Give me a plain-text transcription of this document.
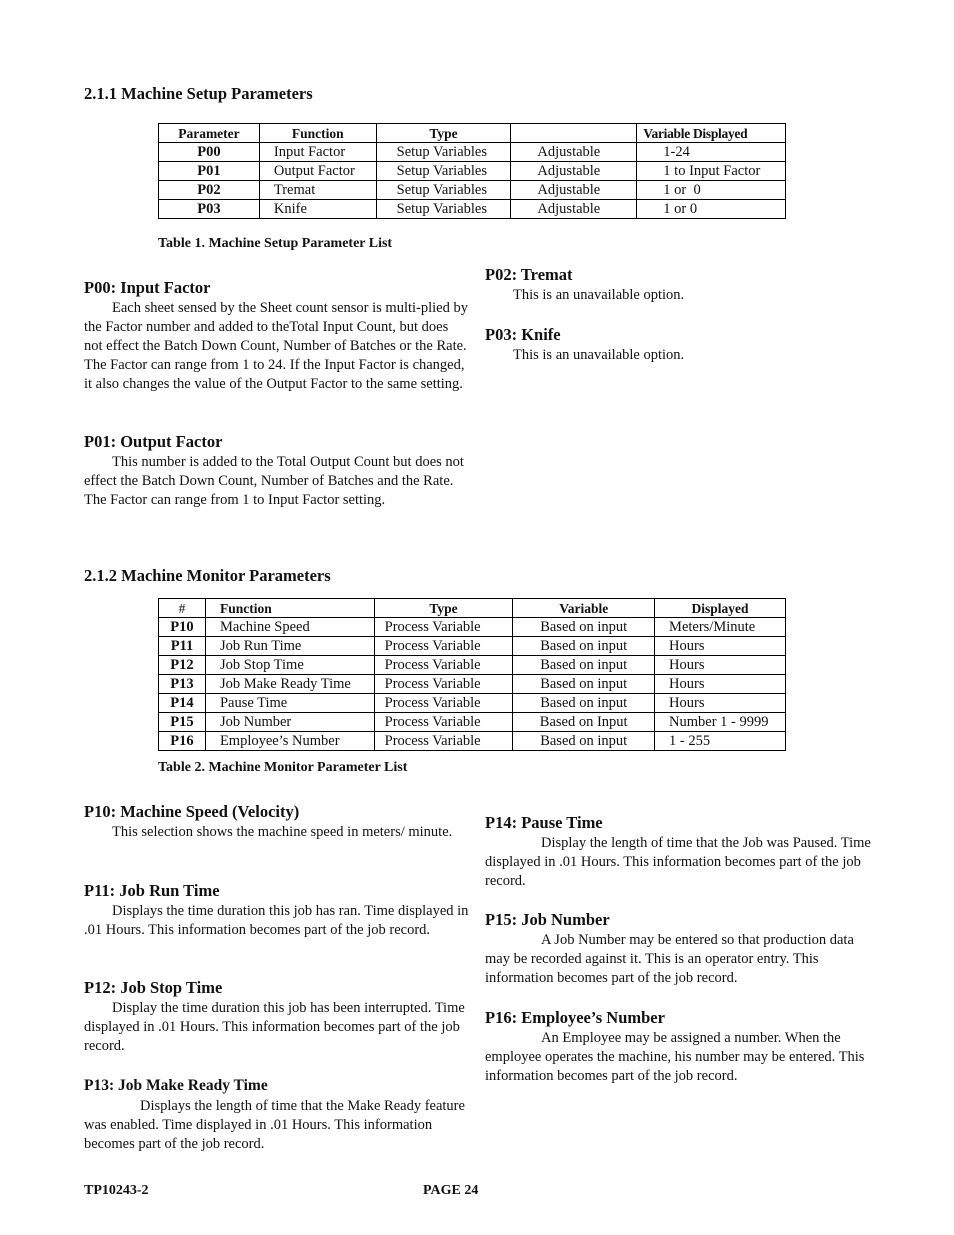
2.1.1 Machine Setup Parameters
Parameter	Function	Type		Variable Displayed
P00	Input Factor	Setup Variables	Adjustable	1-24
P01	Output Factor	Setup Variables	Adjustable	1 to Input Factor
P02	Tremat	Setup Variables	Adjustable	1 or  0
P03	Knife	Setup Variables	Adjustable	1 or 0

Table 1. Machine Setup Parameter List

P00: Input Factor

Each sheet sensed by the Sheet count sensor is multi-plied by the Factor number and added to theTotal Input Count, but does not effect the Batch Down Count, Number of Batches or the Rate. The Factor can range from 1 to 24. If the Input Factor is changed, it also changes the value of the Output Factor to the same setting.

P01: Output Factor

This number is added to the Total Output Count but does not effect the Batch Down Count, Number of Batches and the Rate. The Factor can range from 1 to Input Factor setting.

P02: Tremat

This is an unavailable option.

P03: Knife

This is an unavailable option.

2.1.2 Machine Monitor Parameters
#	Function	Type	Variable	Displayed
P10	Machine Speed	Process Variable	Based on input	Meters/Minute
P11	Job Run Time	Process Variable	Based on input	Hours
P12	Job Stop Time	Process Variable	Based on input	Hours
P13	Job Make Ready Time	Process Variable	Based on input	Hours
P14	Pause Time	Process Variable	Based on input	Hours
P15	Job Number	Process Variable	Based on Input	Number 1 - 9999
P16	Employee’s Number	Process Variable	Based on input	1 - 255

Table 2. Machine Monitor Parameter List

P10: Machine Speed (Velocity)

This selection shows the machine speed in meters/ minute.

P11: Job Run Time

Displays the time duration this job has ran. Time displayed in .01 Hours. This information becomes part of the job record.

P12: Job Stop Time

Display the time duration this job has been interrupted. Time displayed in .01 Hours. This information becomes part of the job record.

P13: Job Make Ready Time

Displays the length of time that the Make Ready feature was enabled. Time displayed in .01 Hours. This information becomes part of the job record.

P14: Pause Time

Display the length of time that the Job was Paused. Time displayed in .01 Hours. This information becomes part of the job record.

P15: Job Number

A Job Number may be entered so that production data may be recorded against it. This is an operator entry. This information becomes part of the job record.

P16: Employee’s Number

An Employee may be assigned a number. When the employee operates the machine, his number may be entered. This information becomes part of the job record.

TP10243-2	PAGE 24
